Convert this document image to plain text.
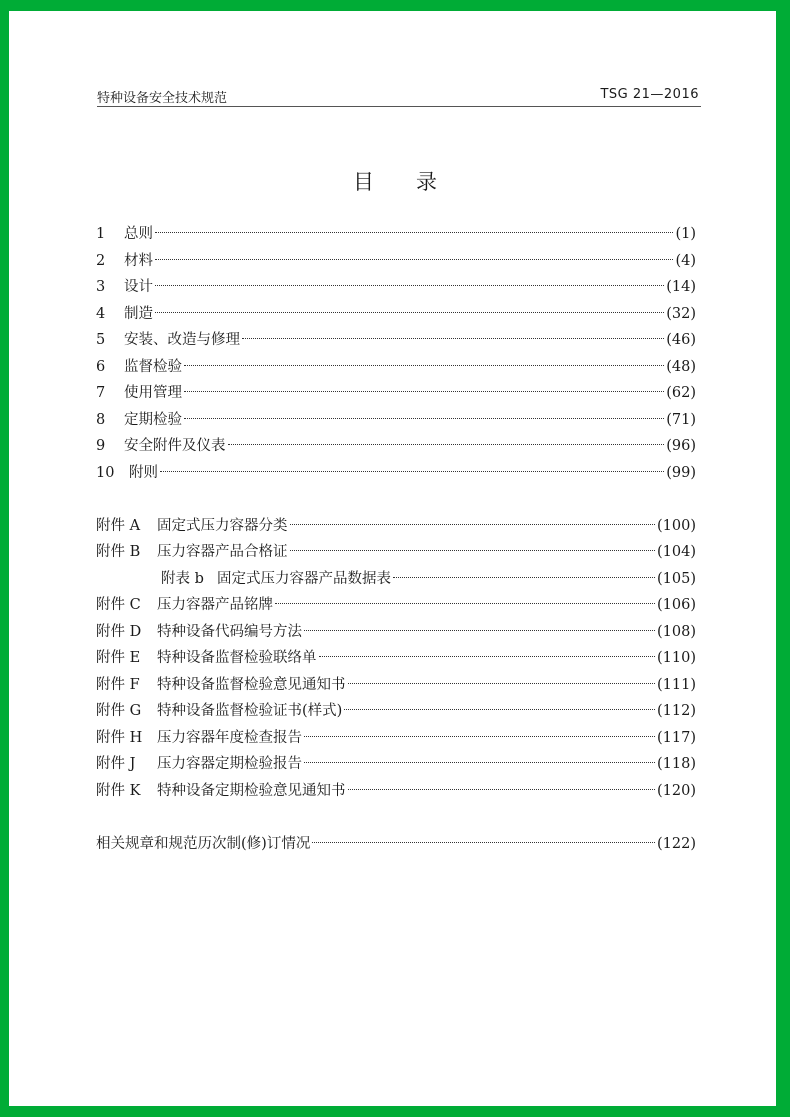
特种设备安全技术规范	TSG 21—2016
目录
1	总则	(1)
2	材料	(4)
3	设计	(14)
4	制造	(32)
5	安装、改造与修理	(46)
6	监督检验	(48)
7	使用管理	(62)
8	定期检验	(71)
9	安全附件及仪表	(96)
10	附则	(99)
附件 A	固定式压力容器分类	(100)
附件 B	压力容器产品合格证	(104)
附表 b 固定式压力容器产品数据表	(105)
附件 C	压力容器产品铭牌	(106)
附件 D	特种设备代码编号方法	(108)
附件 E	特种设备监督检验联络单	(110)
附件 F	特种设备监督检验意见通知书	(111)
附件 G	特种设备监督检验证书(样式)	(112)
附件 H	压力容器年度检查报告	(117)
附件 J	压力容器定期检验报告	(118)
附件 K	特种设备定期检验意见通知书	(120)
相关规章和规范历次制(修)订情况	(122)
